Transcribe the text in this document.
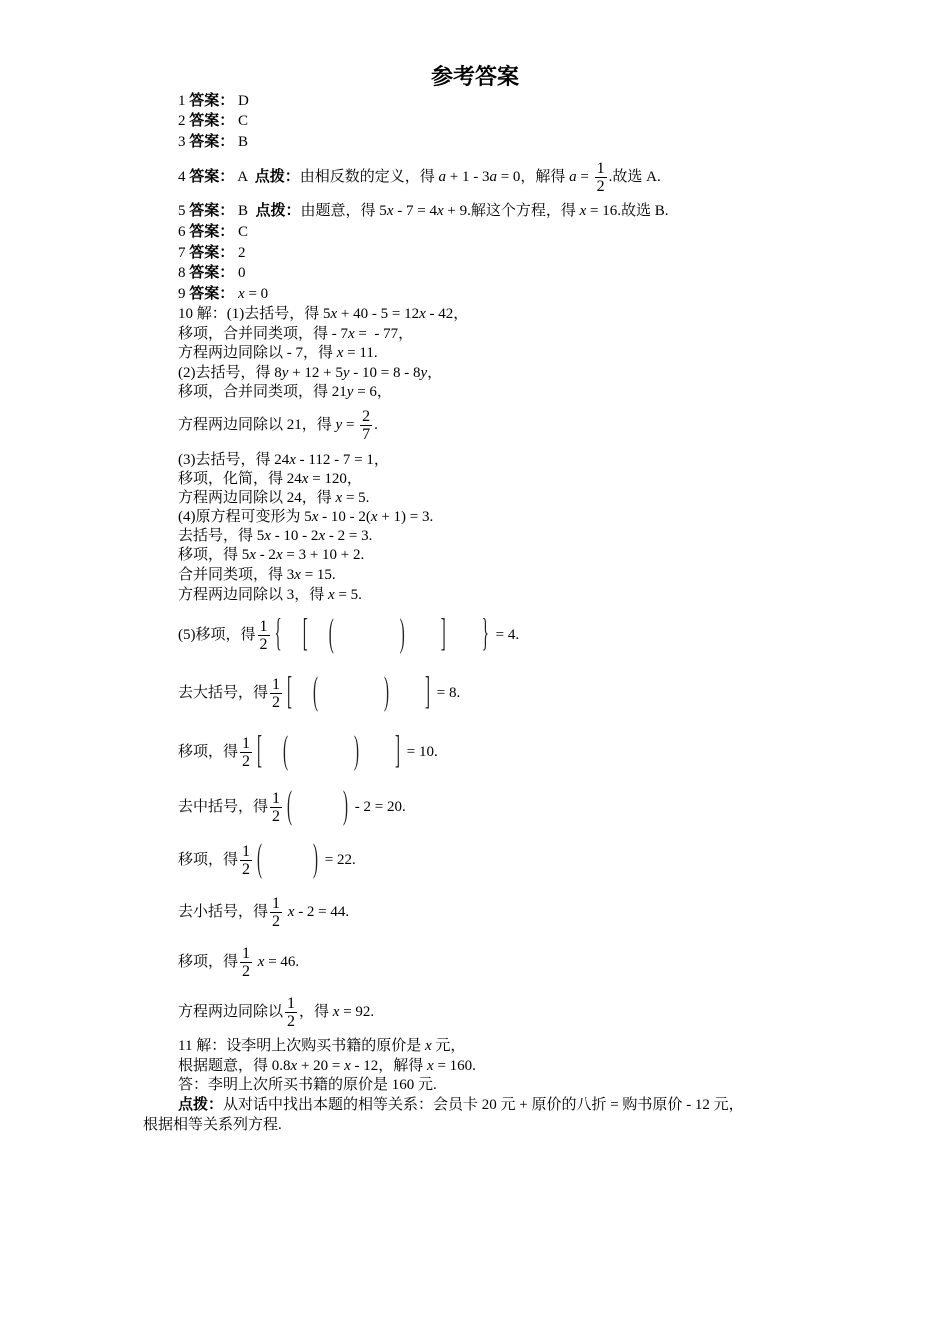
参考答案
1 答案： D
2 答案： C
3 答案： B
4 答案： A 点拨： 由相反数的定义，得 a + 1 - 3 a = 0，解得 $a = \frac{1}{2}$ .故选 A.
5 答案： B 点拨： 由题意，得 5 x - 7 = 4 x + 9.解这个方程，得 x = 16.故选 B.
6 答案： C
7 答案： 2
8 答案： 0
9 答案：
x = 0
10 解：(1)去括号，得 5 x + 40 - 5 = 12 x - 42，
移项，合并同类项，得 - 7 x =  - 77，
方程两边同除以 - 7，得 x = 11.
(2)去括号，得 8 y + 12 + 5 y - 10 = 8 - 8 y ，
移项，合并同类项，得 21 y = 6，
方程两边同除以 21，得 $y = \frac{2}{7}$ .
(3)去括号，得 24 x - 112 - 7 = 1，
移项，化简，得 24 x = 120，
方程两边同除以 24，得 x = 5.
(4)原方程可变形为 5 x - 10 - 2( x + 1) = 3.
去括号，得 5 x - 10 - 2 x - 2 = 3.
移项，得 5 x - 2 x = 3 + 10 + 2.
合并同类项，得 3 x = 15.
方程两边同除以 3，得 x = 5.
(5)移项，得 $\frac{1}{2}$ {
  [
  (
    	)
   ]
   } = 4.
去大括号，得 $\frac{1}{2}$ [
  (
    	)
   ] = 8.
移项，得 $\frac{1}{2}$ [
  (
    	)
   ] = 10.
去中括号，得 $\frac{1}{2}$ (
   	) - 2 = 20.
移项，得 $\frac{1}{2}$ (
   	) = 22.
去小括号，得 $\frac{1}{2}$
x - 2 = 44.
移项，得 $\frac{1}{2}$
x = 46.
方程两边同除以 $\frac{1}{2}$ ，得 x = 92.
11 解：设李明上次购买书籍的原价是 x 元，
根据题意，得 0.8 x + 20 = x - 12，解得 x = 160.
答：李明上次所买书籍的原价是 160 元.
点拨： 从对话中找出本题的相等关系：会员卡 20 元 + 原价的八折 = 购书原价 - 12 元，
根据相等关系列方程.
